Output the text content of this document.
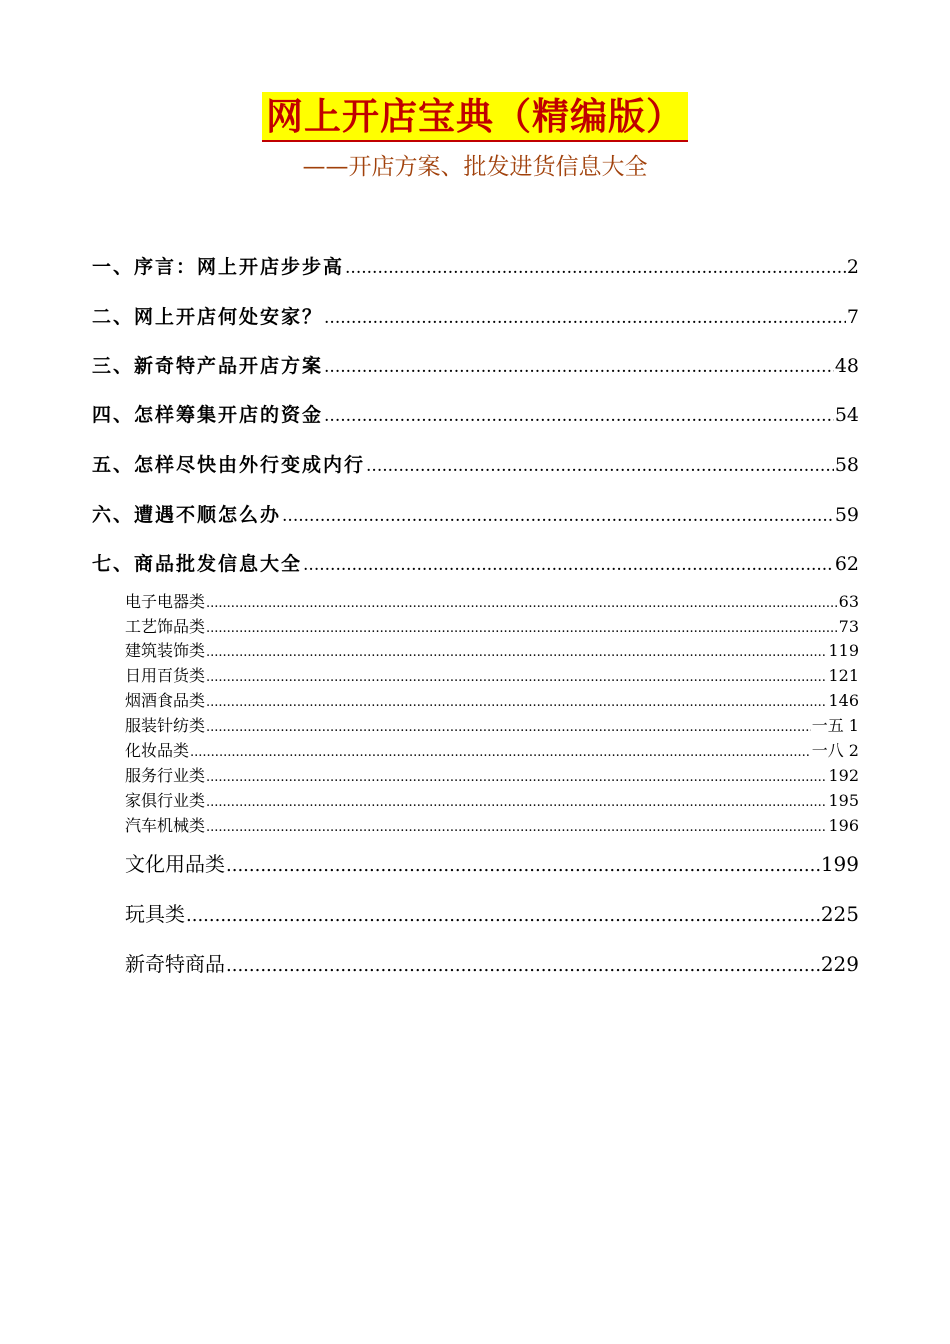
网上开店宝典（精编版）
——开店方案、批发进货信息大全
一、序言：网上开店步步高 .....	2
二、网上开店何处安家？ .....	7
三、新奇特产品开店方案 .....	48
四、怎样筹集开店的资金 .....	54
五、怎样尽快由外行变成内行 .....	58
六、遭遇不顺怎么办 .....	59
七、商品批发信息大全 .....	62
电子电器类 .....	63
工艺饰品类 .....	73
建筑装饰类 .....	119
日用百货类 .....	121
烟酒食品类 .....	146
服装针纺类 .....	一五 1
化妆品类 .....	一八 2
服务行业类 .....	192
家俱行业类 .....	195
汽车机械类 .....	196
文化用品类 .....	199
玩具类 .....	225
新奇特商品 .....	229
